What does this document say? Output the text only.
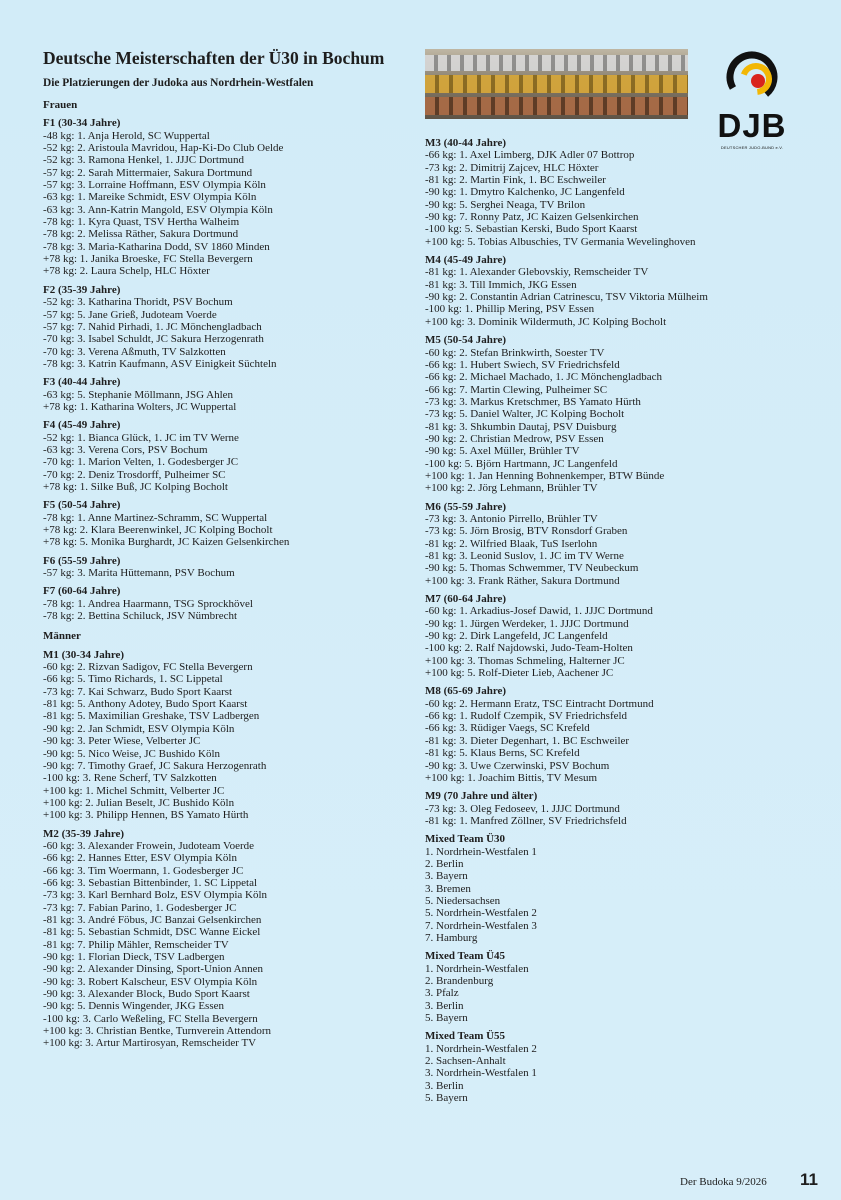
Deutsche Meisterschaften der Ü30 in Bochum
Die Platzierungen der Judoka aus Nordrhein-Westfalen
DJB
DEUTSCHER JUDO-BUND e.V.
Frauen
F1 (30-34 Jahre)
-48 kg: 1. Anja Herold, SC Wuppertal
-52 kg: 2. Aristoula Mavridou, Hap-Ki-Do Club Oelde
-52 kg: 3. Ramona Henkel, 1. JJJC Dortmund
-57 kg: 2. Sarah Mittermaier, Sakura Dortmund
-57 kg: 3. Lorraine Hoffmann, ESV Olympia Köln
-63 kg: 1. Mareike Schmidt, ESV Olympia Köln
-63 kg: 3. Ann-Katrin Mangold, ESV Olympia Köln
-78 kg: 1. Kyra Quast, TSV Hertha Walheim
-78 kg: 2. Melissa Räther, Sakura Dortmund
-78 kg: 3. Maria-Katharina Dodd, SV 1860 Minden
+78 kg: 1. Janika Broeske, FC Stella Bevergern
+78 kg: 2. Laura Schelp, HLC Höxter
F2 (35-39 Jahre)
-52 kg: 3. Katharina Thoridt, PSV Bochum
-57 kg: 5. Jane Grieß, Judoteam Voerde
-57 kg: 7. Nahid Pirhadi, 1. JC Mönchengladbach
-70 kg: 3. Isabel Schuldt, JC Sakura Herzogenrath
-70 kg: 3. Verena Aßmuth, TV Salzkotten
-78 kg: 3. Katrin Kaufmann, ASV Einigkeit Süchteln
F3 (40-44 Jahre)
-63 kg: 5. Stephanie Möllmann, JSG Ahlen
+78 kg: 1. Katharina Wolters, JC Wuppertal
F4 (45-49 Jahre)
-52 kg: 1. Bianca Glück, 1. JC im TV Werne
-63 kg: 3. Verena Cors, PSV Bochum
-70 kg: 1. Marion Velten, 1. Godesberger JC
-70 kg: 2. Deniz Trosdorff, Pulheimer SC
+78 kg: 1. Silke Buß, JC Kolping Bocholt
F5 (50-54 Jahre)
-78 kg: 1. Anne Martinez-Schramm, SC Wuppertal
+78 kg: 2. Klara Beerenwinkel, JC Kolping Bocholt
+78 kg: 5. Monika Burghardt, JC Kaizen Gelsenkirchen
F6 (55-59 Jahre)
-57 kg: 3. Marita Hüttemann, PSV Bochum
F7 (60-64 Jahre)
-78 kg: 1. Andrea Haarmann, TSG Sprockhövel
-78 kg: 2. Bettina Schiluck, JSV Nümbrecht
Männer
M1 (30-34 Jahre)
-60 kg: 2. Rizvan Sadigov, FC Stella Bevergern
-66 kg: 5. Timo Richards, 1. SC Lippetal
-73 kg: 7. Kai Schwarz, Budo Sport Kaarst
-81 kg: 5. Anthony Adotey, Budo Sport Kaarst
-81 kg: 5. Maximilian Greshake, TSV Ladbergen
-90 kg: 2. Jan Schmidt, ESV Olympia Köln
-90 kg: 3. Peter Wiese, Velberter JC
-90 kg: 5. Nico Weise, JC Bushido Köln
-90 kg: 7. Timothy Graef, JC Sakura Herzogenrath
-100 kg: 3. Rene Scherf, TV Salzkotten
+100 kg: 1. Michel Schmitt, Velberter JC
+100 kg: 2. Julian Beselt, JC Bushido Köln
+100 kg: 3. Philipp Hennen, BS Yamato Hürth
M2 (35-39 Jahre)
-60 kg: 3. Alexander Frowein, Judoteam Voerde
-66 kg: 2. Hannes Etter, ESV Olympia Köln
-66 kg: 3. Tim Woermann, 1. Godesberger JC
-66 kg: 3. Sebastian Bittenbinder, 1. SC Lippetal
-73 kg: 3. Karl Bernhard Bolz, ESV Olympia Köln
-73 kg: 7. Fabian Parino, 1. Godesberger JC
-81 kg: 3. André Föbus, JC Banzai Gelsenkirchen
-81 kg: 5. Sebastian Schmidt, DSC Wanne Eickel
-81 kg: 7. Philip Mähler, Remscheider TV
-90 kg: 1. Florian Dieck, TSV Ladbergen
-90 kg: 2. Alexander Dinsing, Sport-Union Annen
-90 kg: 3. Robert Kalscheur, ESV Olympia Köln
-90 kg: 3. Alexander Block, Budo Sport Kaarst
-90 kg: 5. Dennis Wingender, JKG Essen
-100 kg: 3. Carlo Weßeling, FC Stella Bevergern
+100 kg: 3. Christian Bentke, Turnverein Attendorn
+100 kg: 3. Artur Martirosyan, Remscheider TV
M3 (40-44 Jahre)
-66 kg: 1. Axel Limberg, DJK Adler 07 Bottrop
-73 kg: 2. Dimitrij Zajcev, HLC Höxter
-81 kg: 2. Martin Fink, 1. BC Eschweiler
-90 kg: 1. Dmytro Kalchenko, JC Langenfeld
-90 kg: 5. Serghei Neaga, TV Brilon
-90 kg: 7. Ronny Patz, JC Kaizen Gelsenkirchen
-100 kg: 5. Sebastian Kerski, Budo Sport Kaarst
+100 kg: 5. Tobias Albuschies, TV Germania Wevelinghoven
M4 (45-49 Jahre)
-81 kg: 1. Alexander Glebovskiy, Remscheider TV
-81 kg: 3. Till Immich, JKG Essen
-90 kg: 2. Constantin Adrian Catrinescu, TSV Viktoria Mülheim
-100 kg: 1. Phillip Mering, PSV Essen
+100 kg: 3. Dominik Wildermuth, JC Kolping Bocholt
M5 (50-54 Jahre)
-60 kg: 2. Stefan Brinkwirth, Soester TV
-66 kg: 1. Hubert Swiech, SV Friedrichsfeld
-66 kg: 2. Michael Machado, 1. JC Mönchengladbach
-66 kg: 7. Martin Clewing, Pulheimer SC
-73 kg: 3. Markus Kretschmer, BS Yamato Hürth
-73 kg: 5. Daniel Walter, JC Kolping Bocholt
-81 kg: 3. Shkumbin Dautaj, PSV Duisburg
-90 kg: 2. Christian Medrow, PSV Essen
-90 kg: 5. Axel Müller, Brühler TV
-100 kg: 5. Björn Hartmann, JC Langenfeld
+100 kg: 1. Jan Henning Bohnenkemper, BTW Bünde
+100 kg: 2. Jörg Lehmann, Brühler TV
M6 (55-59 Jahre)
-73 kg: 3. Antonio Pirrello, Brühler TV
-73 kg: 5. Jörn Brosig, BTV Ronsdorf Graben
-81 kg: 2. Wilfried Blaak, TuS Iserlohn
-81 kg: 3. Leonid Suslov, 1. JC im TV Werne
-90 kg: 5. Thomas Schwemmer, TV Neubeckum
+100 kg: 3. Frank Räther, Sakura Dortmund
M7 (60-64 Jahre)
-60 kg: 1. Arkadius-Josef Dawid, 1. JJJC Dortmund
-90 kg: 1. Jürgen Werdeker, 1. JJJC Dortmund
-90 kg: 2. Dirk Langefeld, JC Langenfeld
-100 kg: 2. Ralf Najdowski, Judo-Team-Holten
+100 kg: 3. Thomas Schmeling, Halterner JC
+100 kg: 5. Rolf-Dieter Lieb, Aachener JC
M8 (65-69 Jahre)
-60 kg: 2. Hermann Eratz, TSC Eintracht Dortmund
-66 kg: 1. Rudolf Czempik, SV Friedrichsfeld
-66 kg: 3. Rüdiger Vaegs, SC Krefeld
-81 kg: 3. Dieter Degenhart, 1. BC Eschweiler
-81 kg: 5. Klaus Berns, SC Krefeld
-90 kg: 3. Uwe Czerwinski, PSV Bochum
+100 kg: 1. Joachim Bittis, TV Mesum
M9 (70 Jahre und älter)
-73 kg: 3. Oleg Fedoseev, 1. JJJC Dortmund
-81 kg: 1. Manfred Zöllner, SV Friedrichsfeld
Mixed Team Ü30
1. Nordrhein-Westfalen 1
2. Berlin
3. Bayern
3. Bremen
5. Niedersachsen
5. Nordrhein-Westfalen 2
7. Nordrhein-Westfalen 3
7. Hamburg
Mixed Team Ü45
1. Nordrhein-Westfalen
2. Brandenburg
3. Pfalz
3. Berlin
5. Bayern
Mixed Team Ü55
1. Nordrhein-Westfalen 2
2. Sachsen-Anhalt
3. Nordrhein-Westfalen 1
3. Berlin
5. Bayern
Der Budoka 9/2026 11
